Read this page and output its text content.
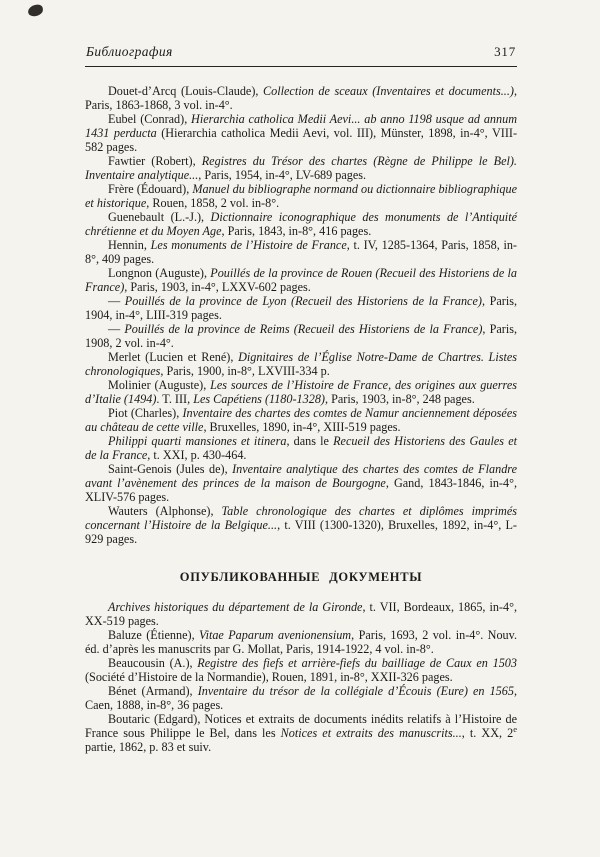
Библиография	317

Douet-d’Arcq (Louis-Claude), Collection de sceaux (Inventaires et documents...), Paris, 1863-1868, 3 vol. in-4°.

Eubel (Conrad), Hierarchia catholica Medii Aevi... ab anno 1198 usque ad annum 1431 perducta (Hierarchia catholica Medii Aevi, vol. III), Münster, 1898, in-4°, VIII-582 pages.

Fawtier (Robert), Registres du Trésor des chartes (Règne de Philippe le Bel). Inventaire analytique..., Paris, 1954, in-4°, LV-689 pages.

Frère (Édouard), Manuel du bibliographe normand ou dictionnaire bibliographique et historique, Rouen, 1858, 2 vol. in-8°.

Guenebault (L.-J.), Dictionnaire iconographique des monuments de l’Antiquité chrétienne et du Moyen Age, Paris, 1843, in-8°, 416 pages.

Hennin, Les monuments de l’Histoire de France, t. IV, 1285-1364, Paris, 1858, in-8°, 409 pages.

Longnon (Auguste), Pouillés de la province de Rouen (Recueil des Historiens de la France), Paris, 1903, in-4°, LXXV-602 pages.

— Pouillés de la province de Lyon (Recueil des Historiens de la France), Paris, 1904, in-4°, LIII-319 pages.

— Pouillés de la province de Reims (Recueil des Historiens de la France), Paris, 1908, 2 vol. in-4°.

Merlet (Lucien et René), Dignitaires de l’Église Notre-Dame de Chartres. Listes chronologiques, Paris, 1900, in-8°, LXVIII-334 p.

Molinier (Auguste), Les sources de l’Histoire de France, des origines aux guerres d’Italie (1494). T. III, Les Capétiens (1180-1328), Paris, 1903, in-8°, 248 pages.

Piot (Charles), Inventaire des chartes des comtes de Namur anciennement déposées au château de cette ville, Bruxelles, 1890, in-4°, XIII-519 pages.

Philippi quarti mansiones et itinera, dans le Recueil des Historiens des Gaules et de la France, t. XXI, p. 430-464.

Saint-Genois (Jules de), Inventaire analytique des chartes des comtes de Flandre avant l’avènement des princes de la maison de Bourgogne, Gand, 1843-1846, in-4°, XLIV-576 pages.

Wauters (Alphonse), Table chronologique des chartes et diplômes imprimés concernant l’Histoire de la Belgique..., t. VIII (1300-1320), Bruxelles, 1892, in-4°, L-929 pages.

ОПУБЛИКОВАННЫЕ ДОКУМЕНТЫ

Archives historiques du département de la Gironde, t. VII, Bordeaux, 1865, in-4°, XX-519 pages.

Baluze (Étienne), Vitae Paparum avenionensium, Paris, 1693, 2 vol. in-4°. Nouv. éd. d’après les manuscrits par G. Mollat, Paris, 1914-1922, 4 vol. in-8°.

Beaucousin (A.), Registre des fiefs et arrière-fiefs du bailliage de Caux en 1503 (Société d’Histoire de la Normandie), Rouen, 1891, in-8°, XXII-326 pages.

Bénet (Armand), Inventaire du trésor de la collégiale d’Écouis (Eure) en 1565, Caen, 1888, in-8°, 36 pages.

Boutaric (Edgard), Notices et extraits de documents inédits relatifs à l’Histoire de France sous Philippe le Bel, dans les Notices et extraits des manuscrits..., t. XX, 2e partie, 1862, p. 83 et suiv.
